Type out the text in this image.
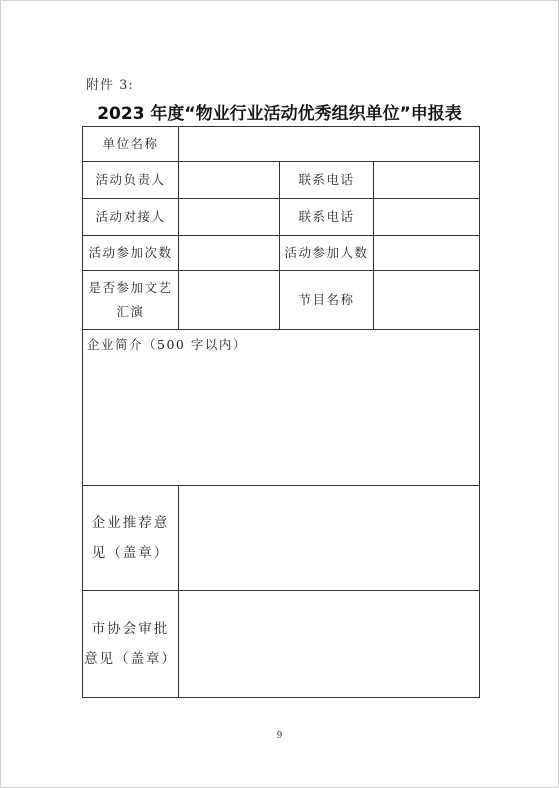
附件 3:
2023 年度“物业行业活动优秀组织单位”申报表
单位名称			
活动负责人		联系电话	
活动对接人		联系电话	
活动参加次数		活动参加人数	

是否参加文艺
汇演		节目名称	
企业简介（500 字以内）			

企业推荐意
见（盖章）			

市协会审批
意见（盖章）			

9
